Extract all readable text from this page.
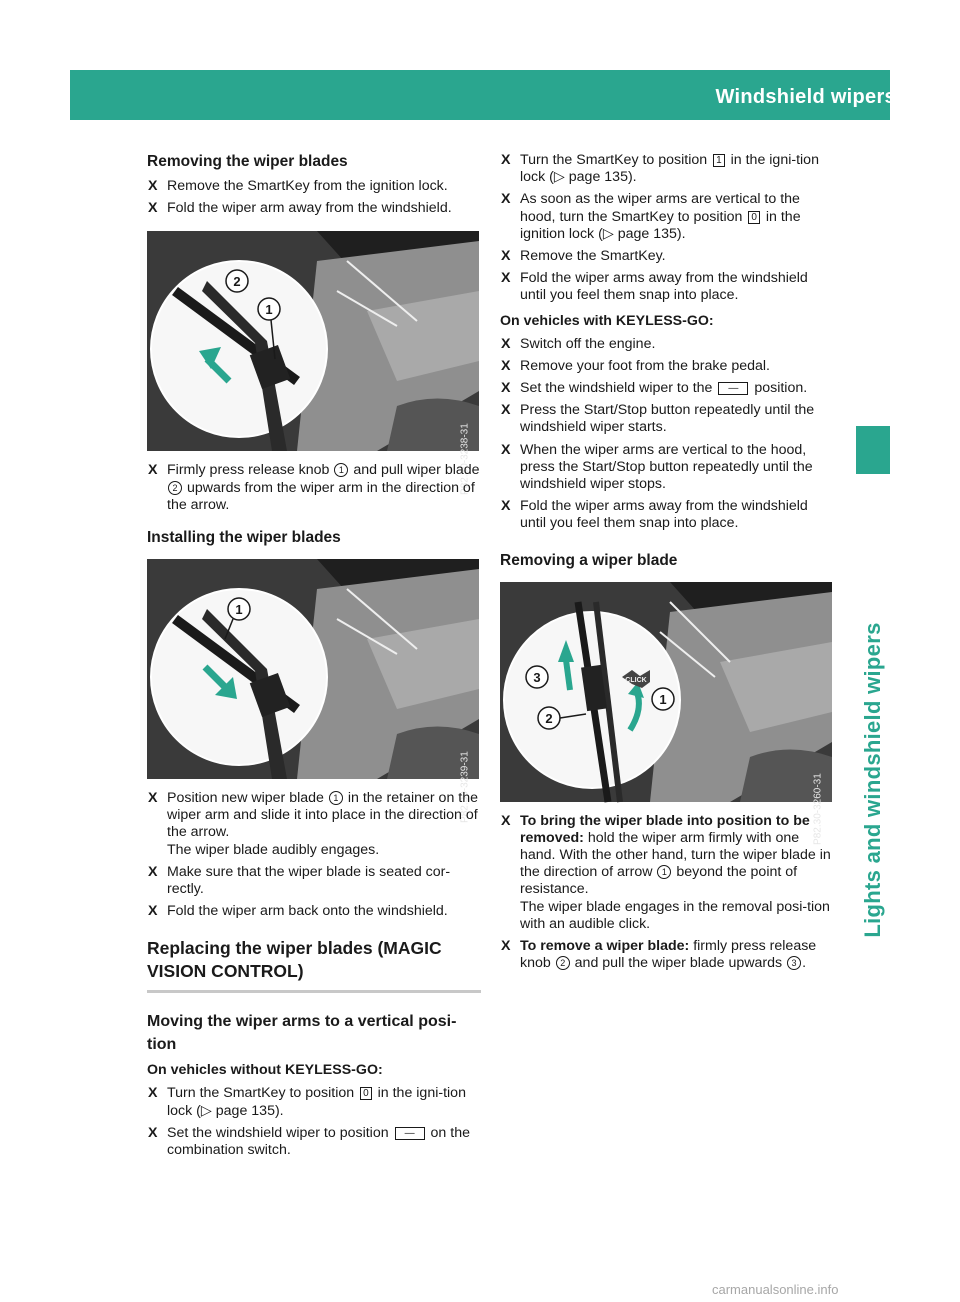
Windshield wipers 119
Lights and windshield wipers
Removing the wiper blades

X Remove the SmartKey from the ignition lock.

X Fold the wiper arm away from the windshield.

2
1
P82.30-3238-31

X Firmly press release knob 1 and pull wiper blade 2 upwards from the wiper arm in the direction of the arrow.

Installing the wiper blades
1
P82.30-3239-31

X Position new wiper blade 1 in the retainer on the wiper arm and slide it into place in the direction of the arrow.
The wiper blade audibly engages.

X Make sure that the wiper blade is seated cor-rectly.

X Fold the wiper arm back onto the windshield.

Replacing the wiper blades (MAGIC VISION CONTROL)
Moving the wiper arms to a vertical posi-tion
On vehicles without KEYLESS-GO:

X Turn the SmartKey to position 0 in the igni-tion lock (▷ page 135).

X Set the windshield wiper to position — on the combination switch.

X Turn the SmartKey to position 1 in the igni-tion lock (▷ page 135).

X As soon as the wiper arms are vertical to the hood, turn the SmartKey to position 0 in the ignition lock (▷ page 135).

X Remove the SmartKey.

X Fold the wiper arms away from the windshield until you feel them snap into place.

On vehicles with KEYLESS-GO:

X Switch off the engine.

X Remove your foot from the brake pedal.

X Set the windshield wiper to the — position.

X Press the Start/Stop button repeatedly until the windshield wiper starts.

X When the wiper arms are vertical to the hood, press the Start/Stop button repeatedly until the windshield wiper stops.

X Fold the wiper arms away from the windshield until you feel them snap into place.

Removing a wiper blade
CLICK
3
2
1
P82.30-3260-31

X To bring the wiper blade into position to be removed: hold the wiper arm firmly with one hand. With the other hand, turn the wiper blade in the direction of arrow 1 beyond the point of resistance.
The wiper blade engages in the removal posi-tion with an audible click.

X To remove a wiper blade: firmly press release knob 2 and pull the wiper blade upwards 3 .

carmanualsonline.info
